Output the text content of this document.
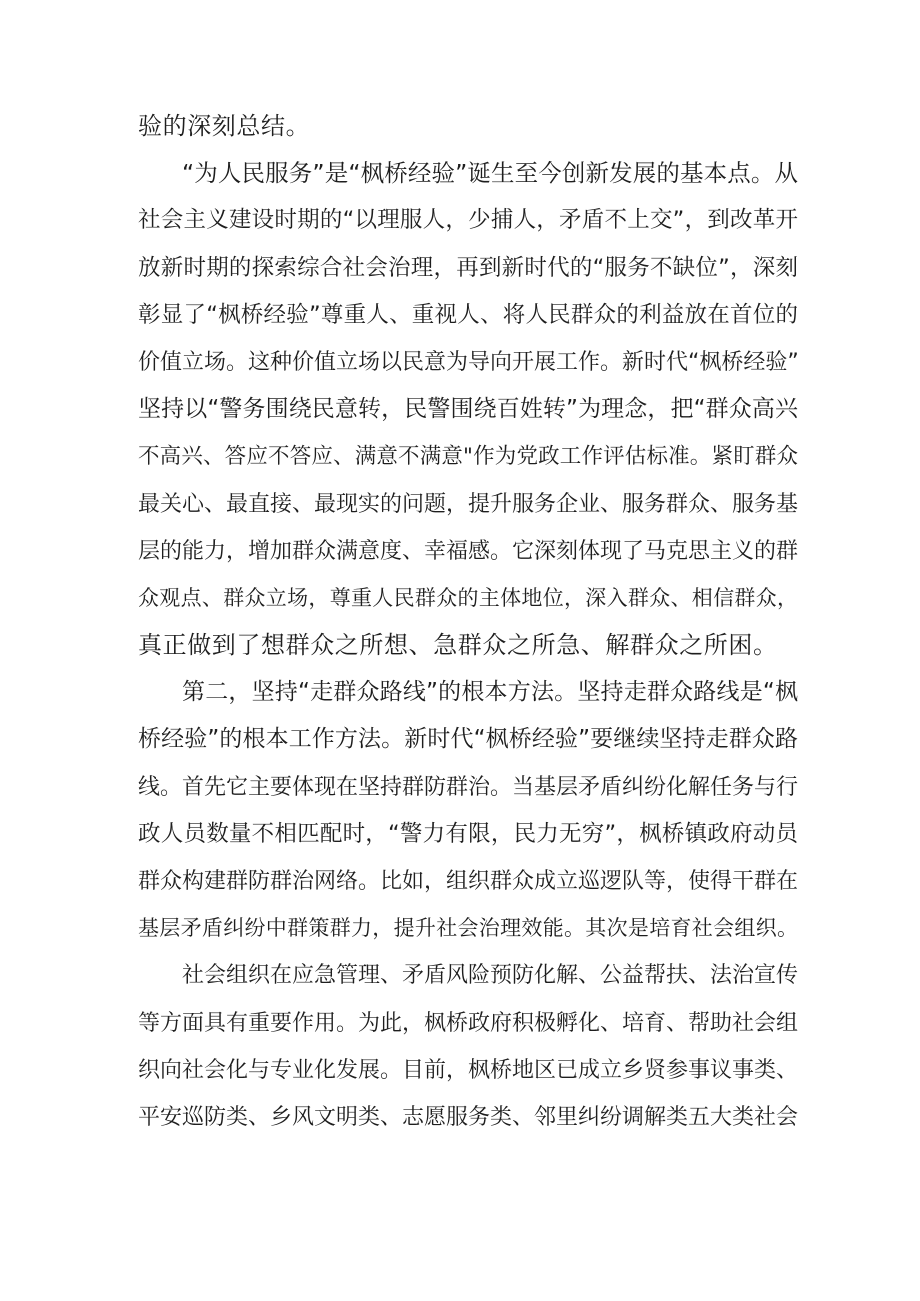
验的深刻总结。
“为人民服务”是“枫桥经验”诞生至今创新发展的基本点。从
社会主义建设时期的“以理服人，少捕人，矛盾不上交”，到改革开
放新时期的探索综合社会治理，再到新时代的“服务不缺位”，深刻
彰显了“枫桥经验”尊重人、重视人、将人民群众的利益放在首位的
价值立场。这种价值立场以民意为导向开展工作。新时代“枫桥经验”
坚持以“警务围绕民意转，民警围绕百姓转”为理念，把“群众高兴
不高兴、答应不答应、满意不满意"作为党政工作评估标准。紧盯群众
最关心、最直接、最现实的问题，提升服务企业、服务群众、服务基
层的能力，增加群众满意度、幸福感。它深刻体现了马克思主义的群
众观点、群众立场，尊重人民群众的主体地位，深入群众、相信群众，
真正做到了想群众之所想、急群众之所急、解群众之所困。
第二，坚持“走群众路线”的根本方法。坚持走群众路线是“枫
桥经验”的根本工作方法。新时代“枫桥经验”要继续坚持走群众路
线。首先它主要体现在坚持群防群治。当基层矛盾纠纷化解任务与行
政人员数量不相匹配时，“警力有限，民力无穷”，枫桥镇政府动员
群众构建群防群治网络。比如，组织群众成立巡逻队等，使得干群在
基层矛盾纠纷中群策群力，提升社会治理效能。其次是培育社会组织。
社会组织在应急管理、矛盾风险预防化解、公益帮扶、法治宣传
等方面具有重要作用。为此，枫桥政府积极孵化、培育、帮助社会组
织向社会化与专业化发展。目前，枫桥地区已成立乡贤参事议事类、
平安巡防类、乡风文明类、志愿服务类、邻里纠纷调解类五大类社会
